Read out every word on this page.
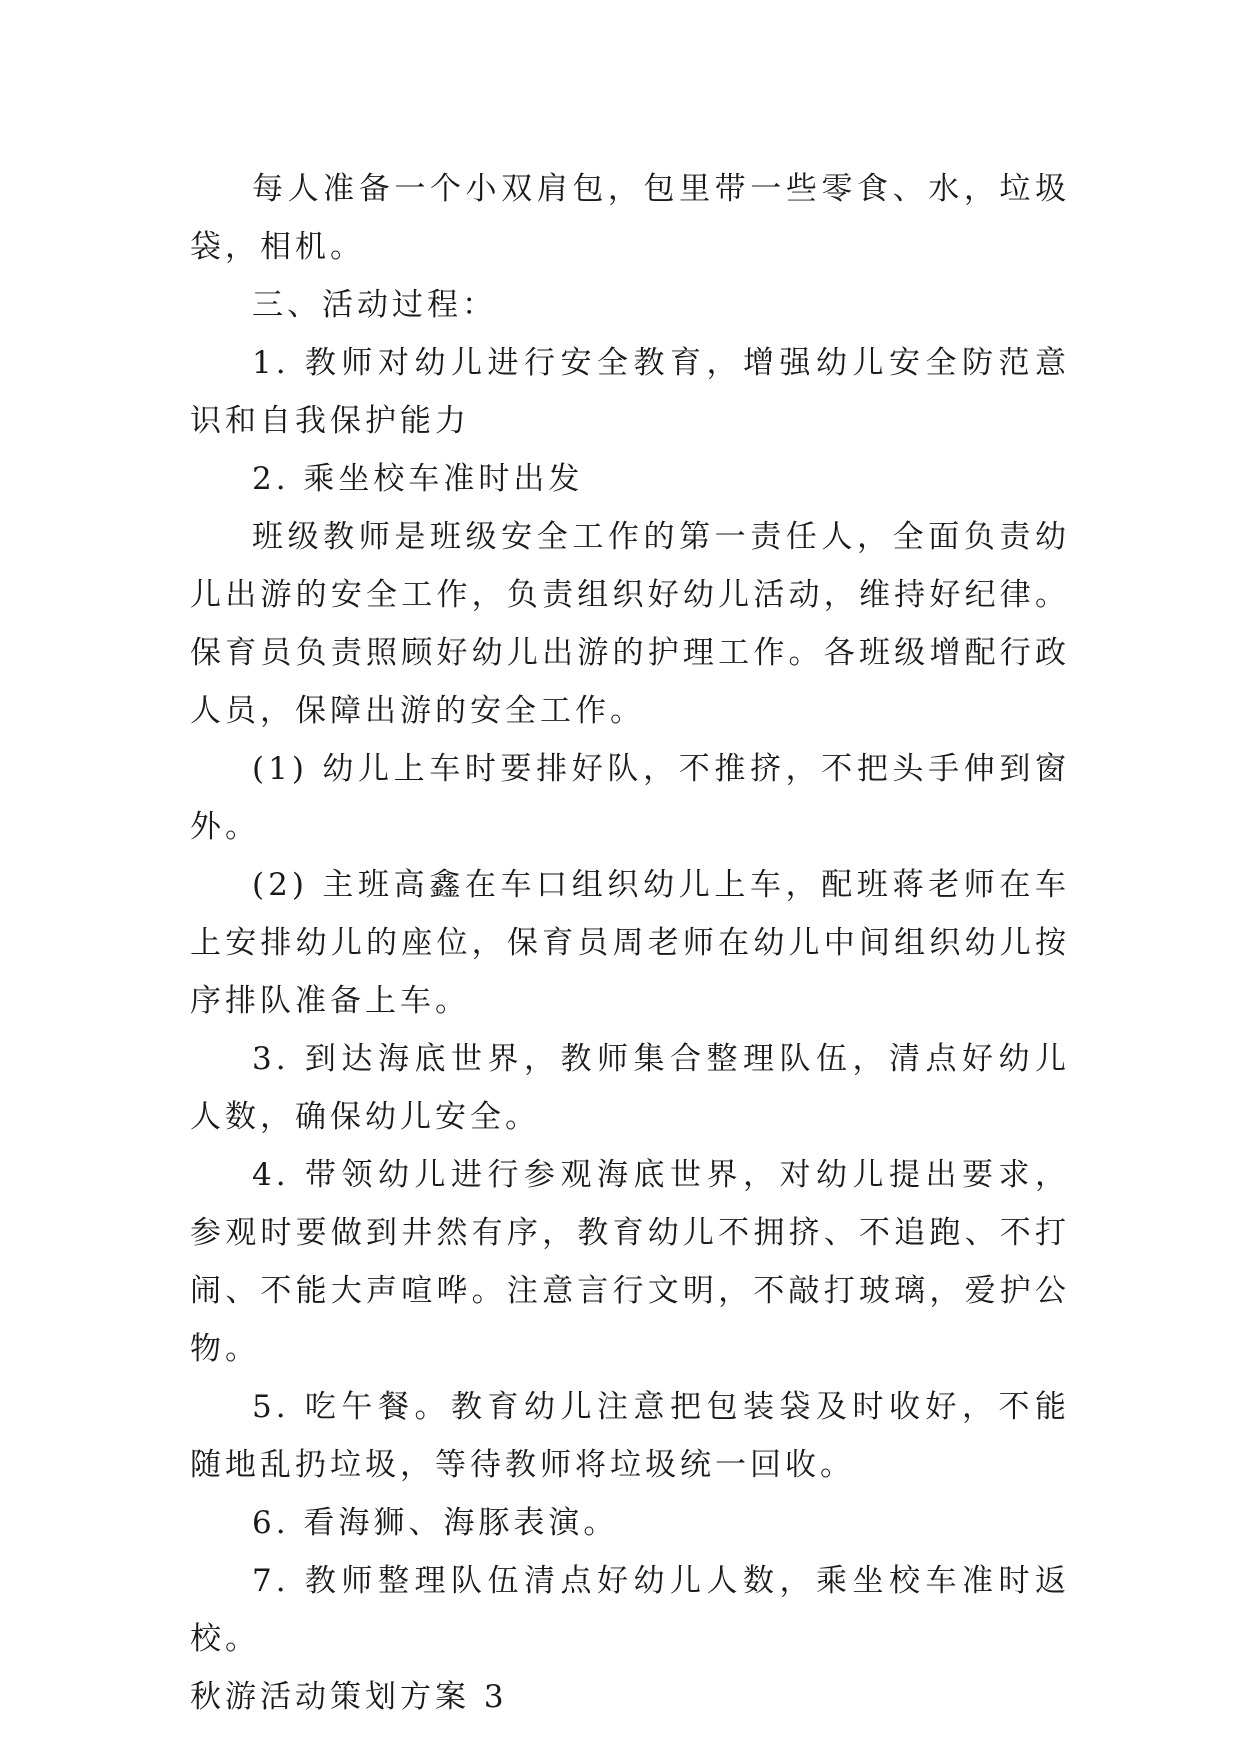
每人准备一个小双肩包，包里带一些零食、水，垃圾袋，相机。

三、活动过程：

1. 教师对幼儿进行安全教育，增强幼儿安全防范意识和自我保护能力

2. 乘坐校车准时出发

班级教师是班级安全工作的第一责任人，全面负责幼儿出游的安全工作，负责组织好幼儿活动，维持好纪律。保育员负责照顾好幼儿出游的护理工作。各班级增配行政人员，保障出游的安全工作。

(1) 幼儿上车时要排好队，不推挤，不把头手伸到窗外。

(2) 主班高鑫在车口组织幼儿上车，配班蒋老师在车上安排幼儿的座位，保育员周老师在幼儿中间组织幼儿按序排队准备上车。

3. 到达海底世界，教师集合整理队伍，清点好幼儿人数，确保幼儿安全。

4. 带领幼儿进行参观海底世界，对幼儿提出要求，参观时要做到井然有序，教育幼儿不拥挤、不追跑、不打闹、不能大声喧哗。注意言行文明，不敲打玻璃，爱护公物。

5. 吃午餐。教育幼儿注意把包装袋及时收好，不能随地乱扔垃圾，等待教师将垃圾统一回收。

6. 看海狮、海豚表演。

7. 教师整理队伍清点好幼儿人数，乘坐校车准时返校。

秋游活动策划方案 3
